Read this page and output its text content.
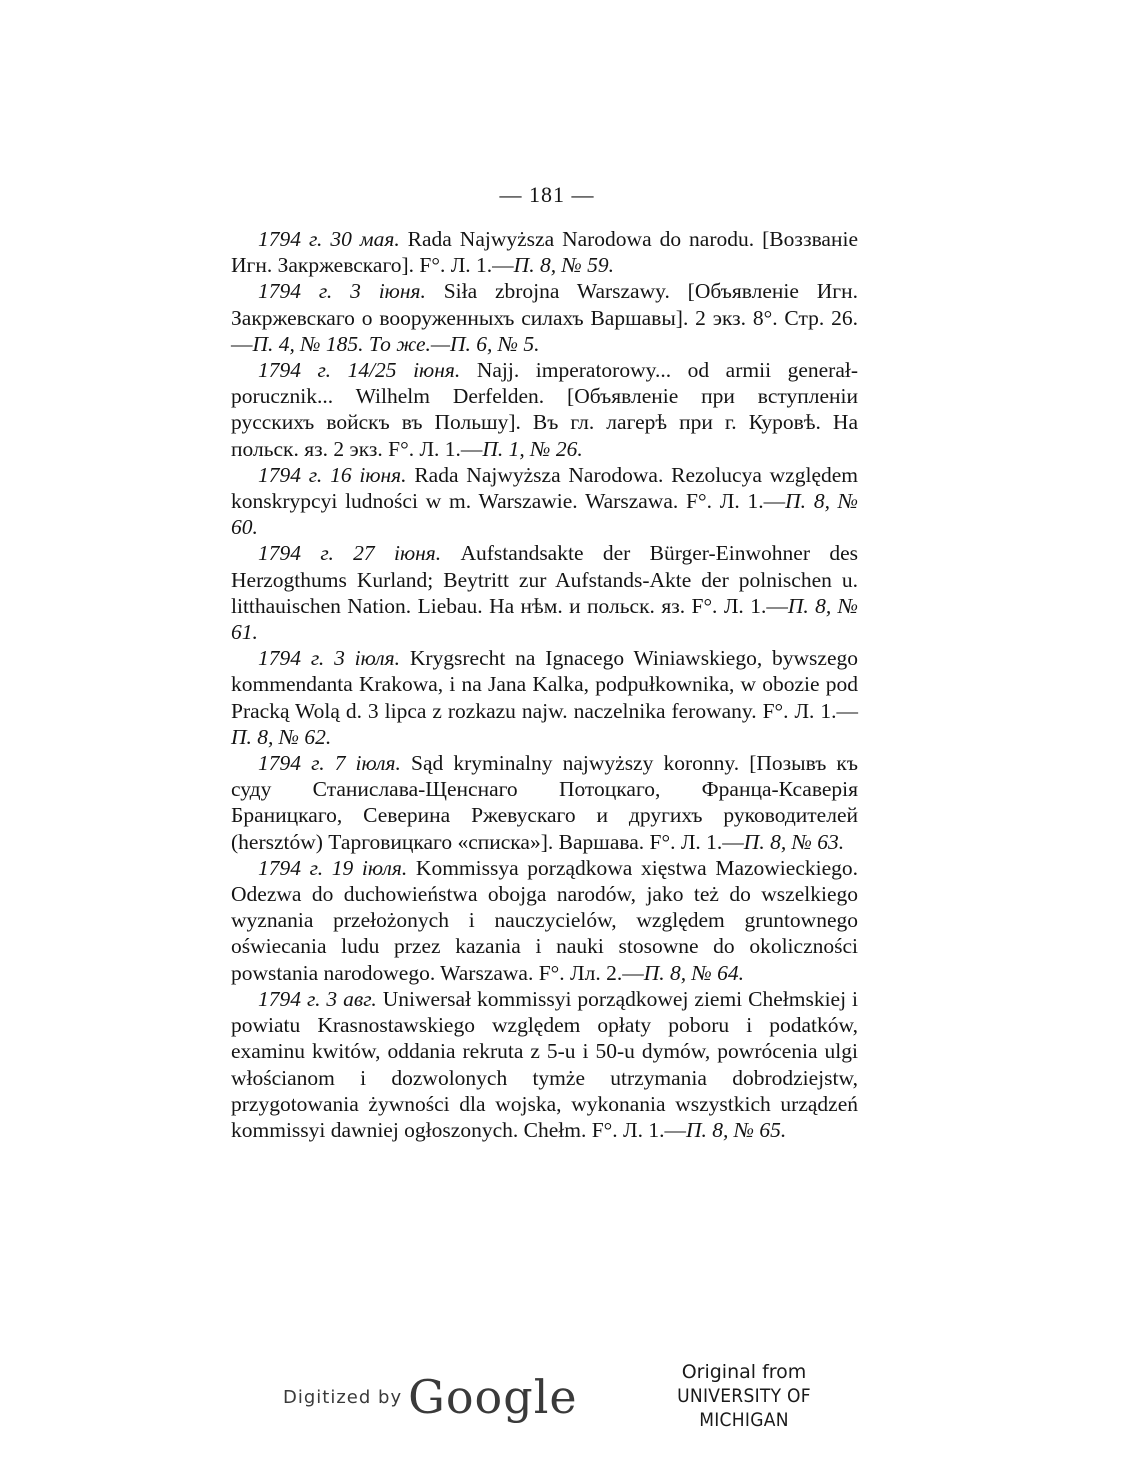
— 181 —

1794 г. 30 мая. Rada Najwyższa Narodowa do narodu. [Воззваніе Игн. Закржевскаго]. F°. Л. 1.—П. 8, № 59.

1794 г. 3 іюня. Siła zbrojna Warszawy. [Объявленіе Игн. Закржевскаго о вооруженныхъ силахъ Варшавы]. 2 экз. 8°. Стр. 26.—П. 4, № 185. То же.—П. 6, № 5.

1794 г. 14/25 іюня. Najj. imperatorowy... od armii generał-porucznik... Wilhelm Derfelden. [Объявленіе при вступленіи русскихъ войскъ въ Польшу]. Въ гл. лагерѣ при г. Куровѣ. На польск. яз. 2 экз. F°. Л. 1.—П. 1, № 26.

1794 г. 16 іюня. Rada Najwyższa Narodowa. Rezolucya względem konskrypcyi ludności w m. Warszawie. Warszawa. F°. Л. 1.—П. 8, № 60.

1794 г. 27 іюня. Aufstandsakte der Bürger-Einwohner des Herzogthums Kurland; Beytritt zur Aufstands-Akte der polnischen u. litthauischen Nation. Liebau. На нѣм. и польск. яз. F°. Л. 1.—П. 8, № 61.

1794 г. 3 іюля. Krygsrecht na Ignacego Winiawskiego, bywszego kommendanta Krakowa, i na Jana Kalka, podpułkownika, w obozie pod Pracką Wolą d. 3 lipca z rozkazu najw. naczelnika ferowany. F°. Л. 1.—П. 8, № 62.

1794 г. 7 іюля. Sąd kryminalny najwyższy koronny. [Позывъ къ суду Станислава-Щенснаго Потоцкаго, Франца-Ксаверія Браницкаго, Северина Ржевускаго и другихъ руководителей (hersztów) Тарговицкаго «списка»]. Варшава. F°. Л. 1.—П. 8, № 63.

1794 г. 19 іюля. Kommissya porządkowa xięstwa Mazowieckiego. Odezwa do duchowieństwa obojga narodów, jako też do wszelkiego wyznania przełożonych i nauczycielów, względem gruntownego oświecania ludu przez kazania i nauki stosowne do okoliczności powstania narodowego. Warszawa. F°. Лл. 2.—П. 8, № 64.

1794 г. 3 авг. Uniwersał kommissyi porządkowej ziemi Chełmskiej i powiatu Krasnostawskiego względem opłaty poboru i podatków, examinu kwitów, oddania rekruta z 5-u i 50-u dymów, powrócenia ulgi włościanom i dozwolonych tymże utrzymania dobrodziejstw, przygotowania żywności dla wojska, wykonania wszystkich urządzeń kommissyi dawniej ogłoszonych. Chełm. F°. Л. 1.—П. 8, № 65.

Digitized by Google	Original from
UNIVERSITY OF MICHIGAN
